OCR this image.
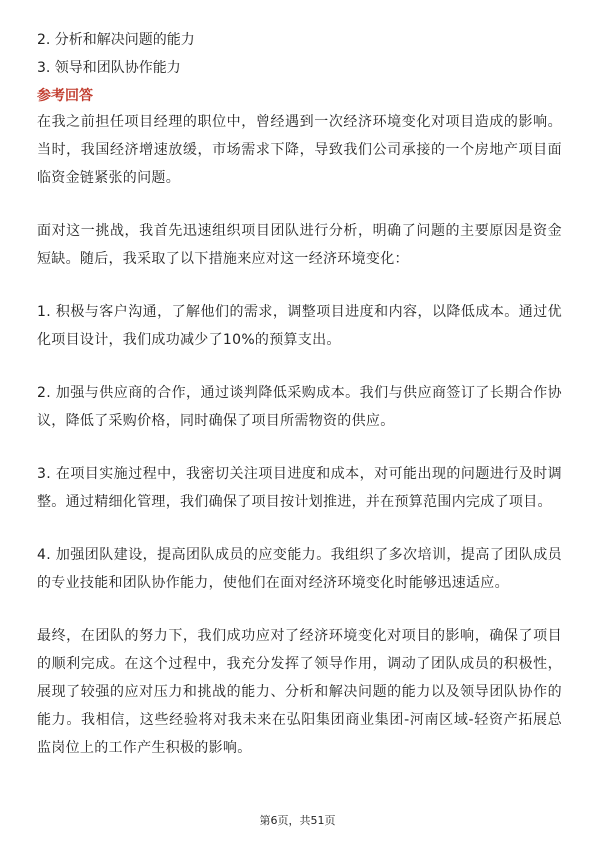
2. 分析和解决问题的能力
3. 领导和团队协作能力
参考回答
在我之前担任项目经理的职位中，曾经遇到一次经济环境变化对项目造成的影响。当时，我国经济增速放缓，市场需求下降，导致我们公司承接的一个房地产项目面临资金链紧张的问题。
面对这一挑战，我首先迅速组织项目团队进行分析，明确了问题的主要原因是资金短缺。随后，我采取了以下措施来应对这一经济环境变化：
1. 积极与客户沟通，了解他们的需求，调整项目进度和内容，以降低成本。通过优化项目设计，我们成功减少了10%的预算支出。
2. 加强与供应商的合作，通过谈判降低采购成本。我们与供应商签订了长期合作协议，降低了采购价格，同时确保了项目所需物资的供应。
3. 在项目实施过程中，我密切关注项目进度和成本，对可能出现的问题进行及时调整。通过精细化管理，我们确保了项目按计划推进，并在预算范围内完成了项目。
4. 加强团队建设，提高团队成员的应变能力。我组织了多次培训，提高了团队成员的专业技能和团队协作能力，使他们在面对经济环境变化时能够迅速适应。
最终，在团队的努力下，我们成功应对了经济环境变化对项目的影响，确保了项目的顺利完成。在这个过程中，我充分发挥了领导作用，调动了团队成员的积极性，展现了较强的应对压力和挑战的能力、分析和解决问题的能力以及领导团队协作的能力。我相信，这些经验将对我未来在弘阳集团商业集团-河南区域-轻资产拓展总监岗位上的工作产生积极的影响。
第6页，共51页
